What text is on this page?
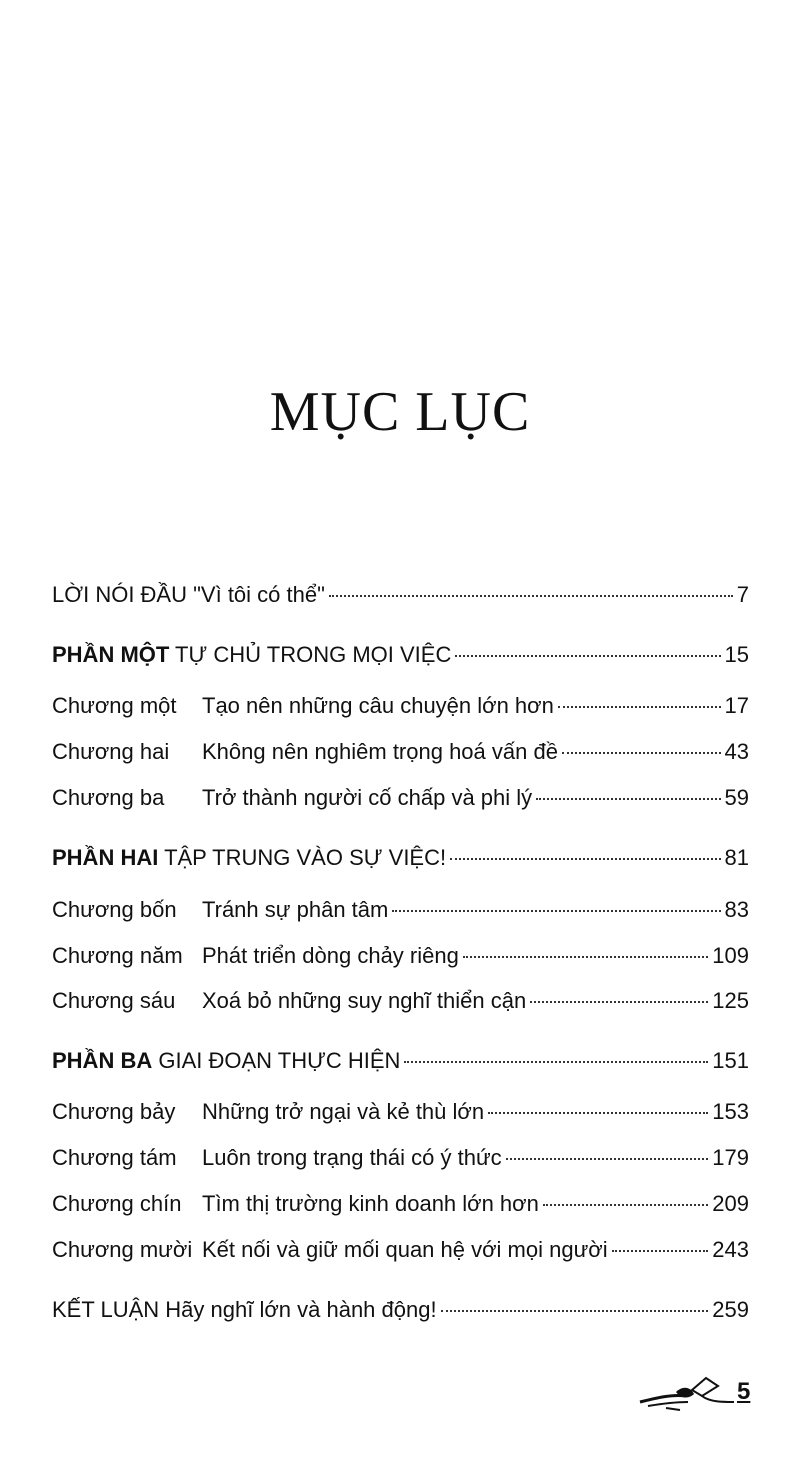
MỤC LỤC
LỜI NÓI ĐẦU "Vì tôi có thể"	7
PHẦN MỘT TỰ CHỦ TRONG MỌI VIỆC	15
Chương một	Tạo nên những câu chuyện lớn hơn	17
Chương hai	Không nên nghiêm trọng hoá vấn đề	43
Chương ba	Trở thành người cố chấp và phi lý	59
PHẦN HAI TẬP TRUNG VÀO SỰ VIỆC!	81
Chương bốn	Tránh sự phân tâm	83
Chương năm Phát triển dòng chảy riêng	109
Chương sáu	Xoá bỏ những suy nghĩ thiển cận	125
PHẦN BA GIAI ĐOẠN THỰC HIỆN	151
Chương bảy	Những trở ngại và kẻ thù lớn	153
Chương tám	Luôn trong trạng thái có ý thức	179
Chương chín Tìm thị trường kinh doanh lớn hơn	209
Chương mười Kết nối và giữ mối quan hệ với mọi người	243
KẾT LUẬN Hãy nghĩ lớn và hành động!	259
5
